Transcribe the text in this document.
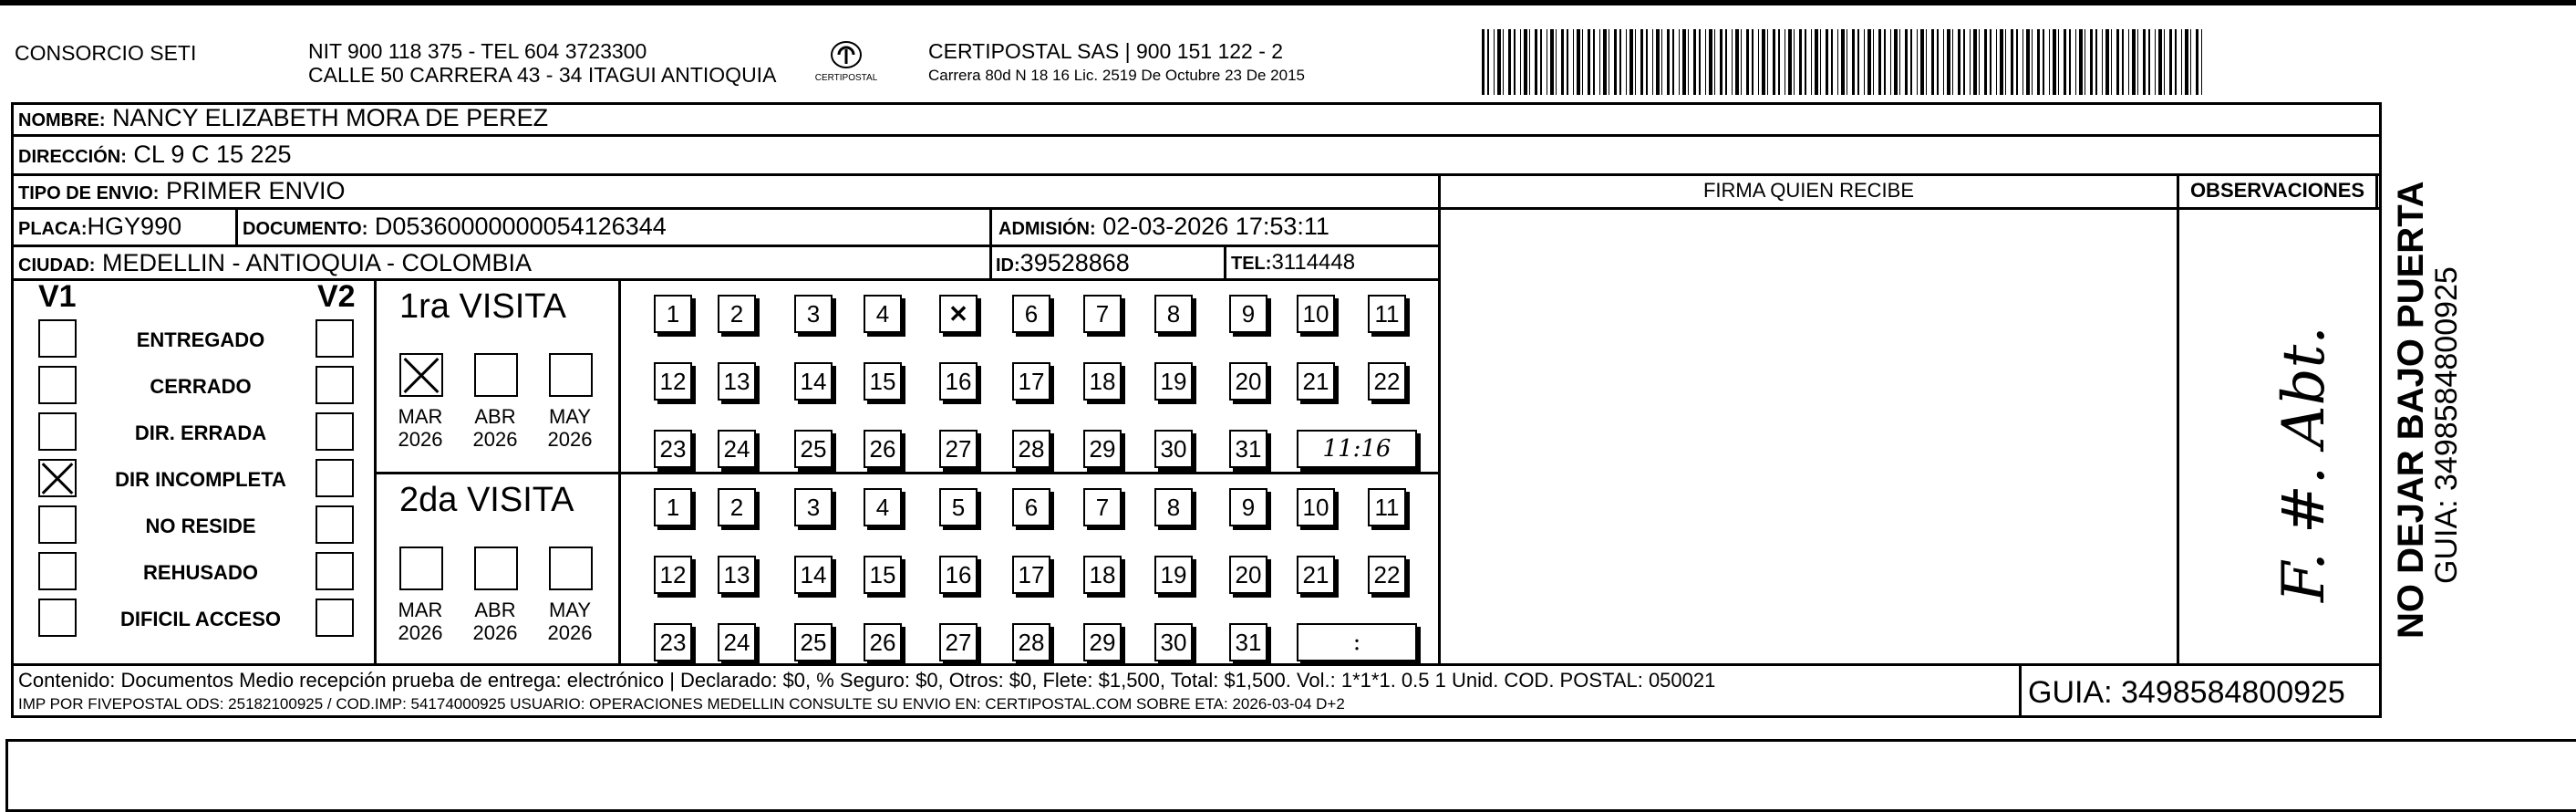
CONSORCIO SETI	NIT 900 118 375 - TEL 604 3723300
CALLE 50 CARRERA 43 - 34 ITAGUI ANTIOQUIA	CERTIPOSTAL
CERTIPOSTAL SAS | 900 151 122 - 2
Carrera 80d N 18 16 Lic. 2519 De Octubre 23 De 2015
NOMBRE: NANCY ELIZABETH MORA DE PEREZ
DIRECCIÓN: CL 9 C 15 225
TIPO DE ENVIO: PRIMER ENVIO
PLACA:HGY990	DOCUMENTO: D05360000000054126344	ADMISIÓN: 02-03-2026 17:53:11
CIUDAD: MEDELLIN - ANTIOQUIA - COLOMBIA	ID:39528868	TEL:3114448
FIRMA QUIEN RECIBE	OBSERVACIONES
F. #. Abt.
V1	V2
ENTREGADO
CERRADO
DIR. ERRADA
DIR INCOMPLETA
NO RESIDE
REHUSADO
DIFICIL ACCESO
1ra VISITA
MAR
2026
ABR
2026
MAY
2026
1	2	3	4	✕	6	7	8	9	10 11
12 13 14 15 16 17 18 19 20 21 22
23 24 25 26 27 28 29 30 31	11:16
2da VISITA
MAR
2026
ABR
2026
MAY
2026
1	2	3	4	5	6	7	8	9	10 11
12 13 14 15 16 17 18 19 20 21 22
23 24 25 26 27 28 29 30 31	:
Contenido: Documentos Medio recepción prueba de entrega: electrónico | Declarado: $0, % Seguro: $0, Otros: $0, Flete: $1,500, Total: $1,500. Vol.: 1*1*1. 0.5 1 Unid. COD. POSTAL: 050021
IMP POR FIVEPOSTAL ODS: 25182100925 / COD.IMP: 54174000925 USUARIO: OPERACIONES MEDELLIN CONSULTE SU ENVIO EN: CERTIPOSTAL.COM SOBRE ETA: 2026-03-04 D+2	GUIA: 3498584800925
NO DEJAR BAJO PUERTA
GUIA: 3498584800925
